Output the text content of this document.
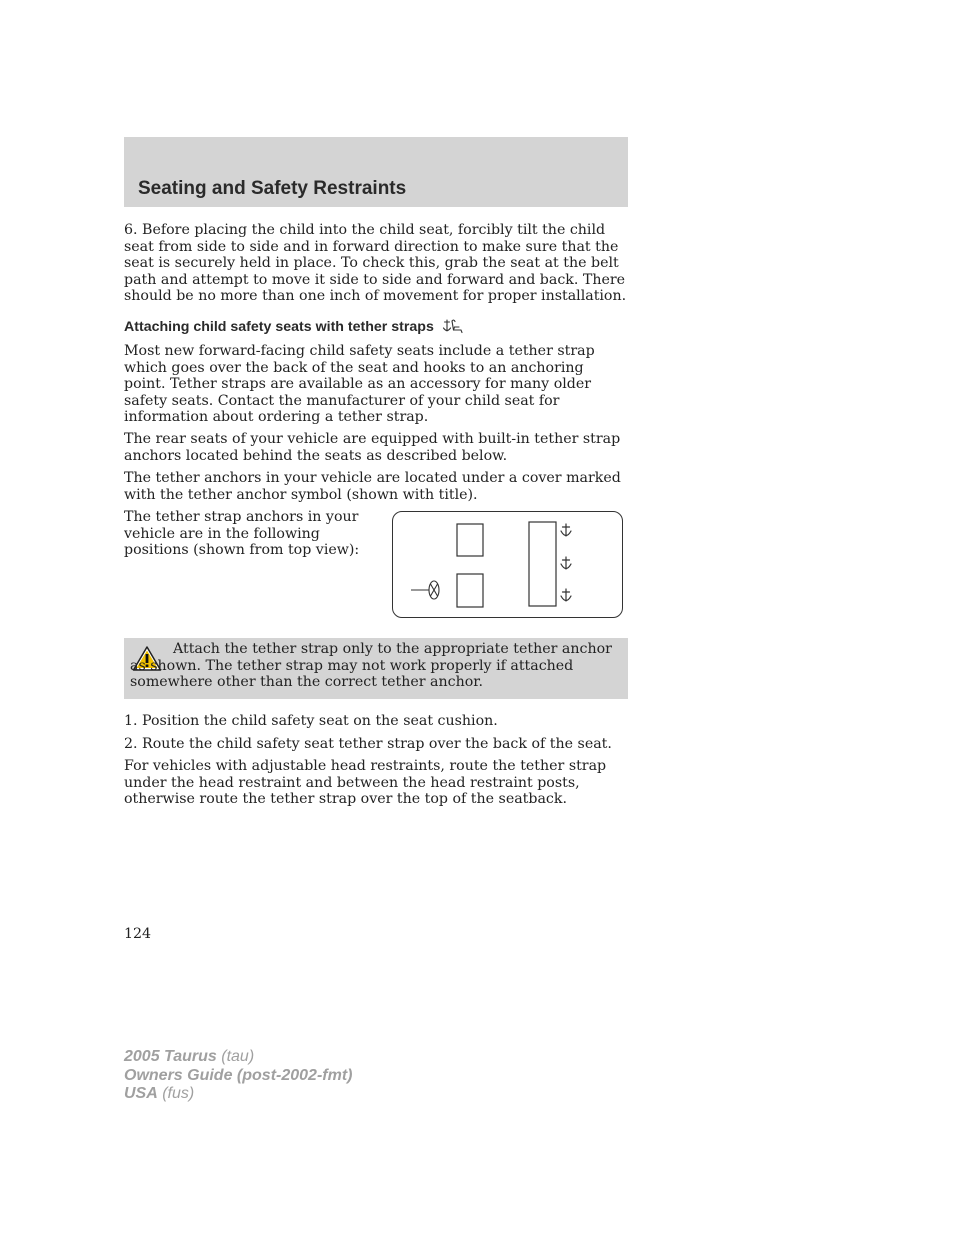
Seating and Safety Restraints

6. Before placing the child into the child seat, forcibly tilt the child seat from side to side and in forward direction to make sure that the seat is securely held in place. To check this, grab the seat at the belt path and attempt to move it side to side and forward and back. There should be no more than one inch of movement for proper installation.

Attaching child safety seats with tether straps

Most new forward-facing child safety seats include a tether strap which goes over the back of the seat and hooks to an anchoring point. Tether straps are available as an accessory for many older safety seats. Contact the manufacturer of your child seat for information about ordering a tether strap.

The rear seats of your vehicle are equipped with built-in tether strap anchors located behind the seats as described below.

The tether anchors in your vehicle are located under a cover marked with the tether anchor symbol (shown with title).

The tether strap anchors in your vehicle are in the following positions (shown from top view):

Attach the tether strap only to the appropriate tether anchor as shown. The tether strap may not work properly if attached somewhere other than the correct tether anchor.

1. Position the child safety seat on the seat cushion.

2. Route the child safety seat tether strap over the back of the seat.

For vehicles with adjustable head restraints, route the tether strap under the head restraint and between the head restraint posts, otherwise route the tether strap over the top of the seatback.

124
2005 Taurus (tau)
Owners Guide (post-2002-fmt)
USA (fus)
